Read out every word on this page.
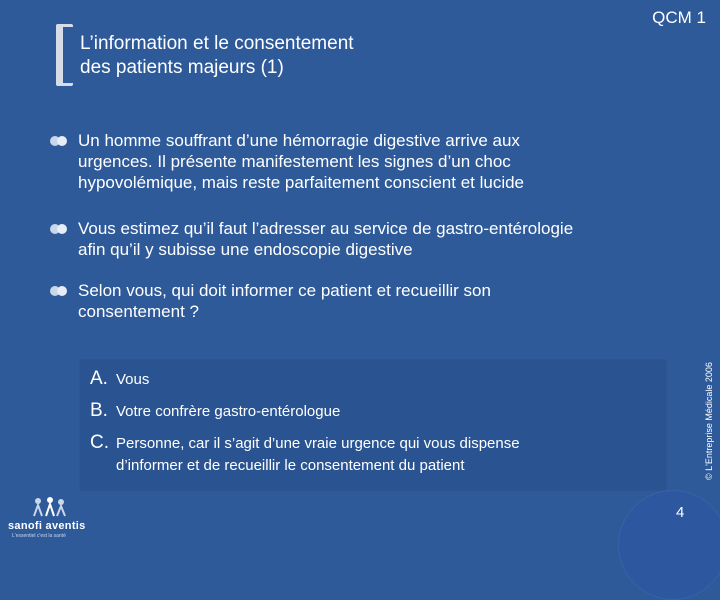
L’information et le consentement
des patients majeurs (1)
QCM 1
Un homme souffrant d’une hémorragie digestive arrive aux
urgences. Il présente manifestement les signes d’un choc
hypovolémique, mais reste parfaitement conscient et lucide
Vous estimez qu’il faut l’adresser au service de gastro-entérologie
afin qu’il y subisse une endoscopie digestive
Selon vous, qui doit informer ce patient et recueillir son
consentement ?
A. Vous
B. Votre confrère gastro-entérologue
C. Personne, car il s’agit d’une vraie urgence qui vous dispense
d’informer et de recueillir le consentement du patient	© L'Entreprise Médicale 2006
4
sanofi aventis
L'essentiel c'est la santé
